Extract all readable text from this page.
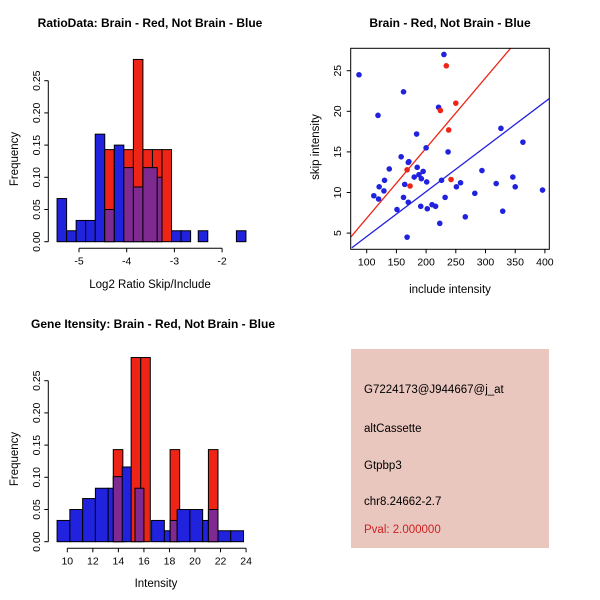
0.00
0.05
0.10
0.15
0.20
0.25
-5	-4	-3	-2
0.00
0.05
0.10
0.15
0.20
0.25
10 12 14 16 18 20 22 24
100 150 200 250 300 350 400
5
10
15
20
25
RatioData: Brain - Red, Not Brain - Blue
Log2 Ratio Skip/Include
Frequency
Brain - Red, Not Brain - Blue
include intensity
skip intensity
Gene Itensity: Brain - Red, Not Brain - Blue
Intensity
Frequency
G7224173@J944667@j_at
altCassette
Gtpbp3
chr8.24662-2.7
Pval: 2.000000
